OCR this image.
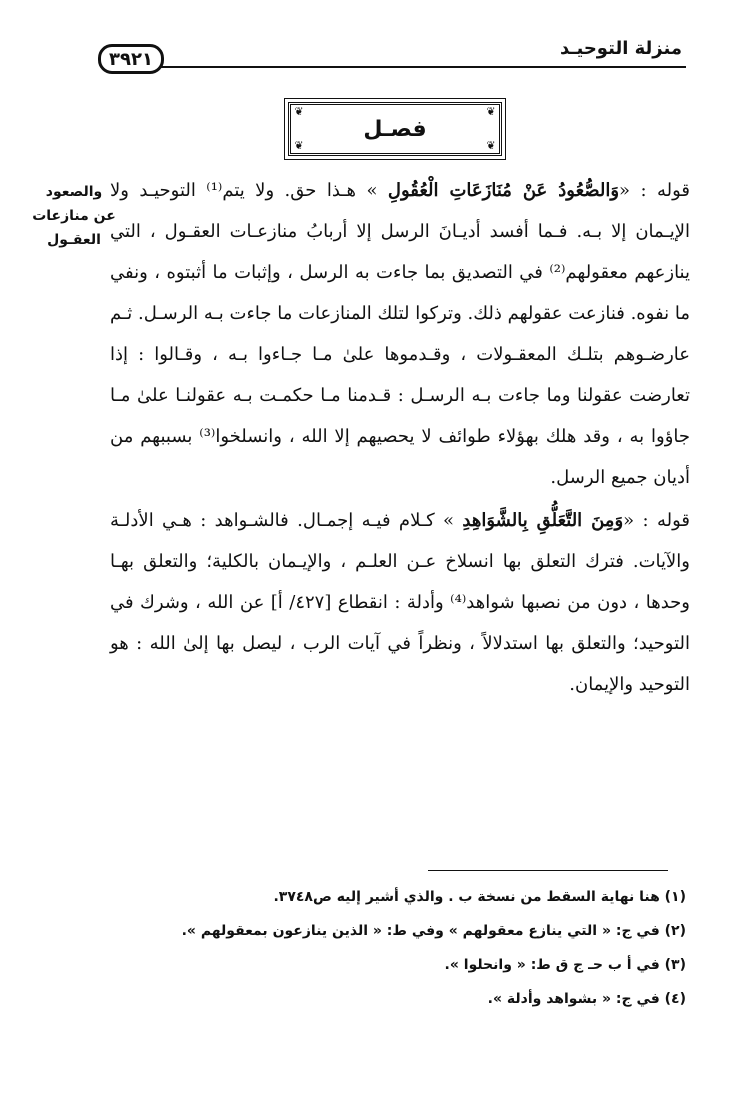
منزلة التوحيـد
٣٩٢١
❦	❦
❦	❦
فصـل
والصعود
عن منازعات
العقـول

قوله : «وَالصُّعُودُ عَنْ مُنَازَعَاتِ الْعُقُولِ » هـذا حق. ولا يتم⁽¹⁾ التوحيـد ولا الإيـمان إلا بـه. فـما أفسد أديـانَ الرسل إلا أربابُ منازعـات العقـول ، التي ينازعهم معقولهم⁽²⁾ في التصديق بما جاءت به الرسل ، وإثبات ما أثبتوه ، ونفي ما نفوه. فنازعت عقولهم ذلك. وتركوا لتلك المنازعات ما جاءت بـه الرسـل. ثـم عارضـوهم بتلـك المعقـولات ، وقـدموها علىٰ مـا جـاءوا بـه ، وقـالوا : إذا تعارضت عقولنا وما جاءت بـه الرسـل : قـدمنا مـا حكمـت بـه عقولنـا علىٰ مـا جاؤوا به ، وقد هلك بهؤلاء طوائف لا يحصيهم إلا الله ، وانسلخوا⁽³⁾ بسببهم من أديان جميع الرسل.

قوله : «وَمِنَ التَّعَلُّقِ بِالشَّوَاهِدِ » كـلام فيـه إجمـال. فالشـواهد : هـي الأدلـة والآيات. فترك التعلق بها انسلاخ عـن العلـم ، والإيـمان بالكلية؛ والتعلق بهـا وحدها ، دون من نصبها شواهد⁽⁴⁾ وأدلة : انقطاع [٤٢٧/ أ] عن الله ، وشرك في التوحيد؛ والتعلق بها استدلالاً ، ونظراً في آيات الرب ، ليصل بها إلىٰ الله : هو التوحيد والإيمان.

(١) هنا نهاية السقط من نسخة ب . والذي أشير إليه ص٣٧٤٨.

(٢) في ج: « التي ينازع معقولهم » وفي ط: « الذين ينازعون بمعقولهم ».

(٣) في أ ب حـ ج ق ط: « وانحلوا ».

(٤) في ج: « بشواهد وأدلة ».
